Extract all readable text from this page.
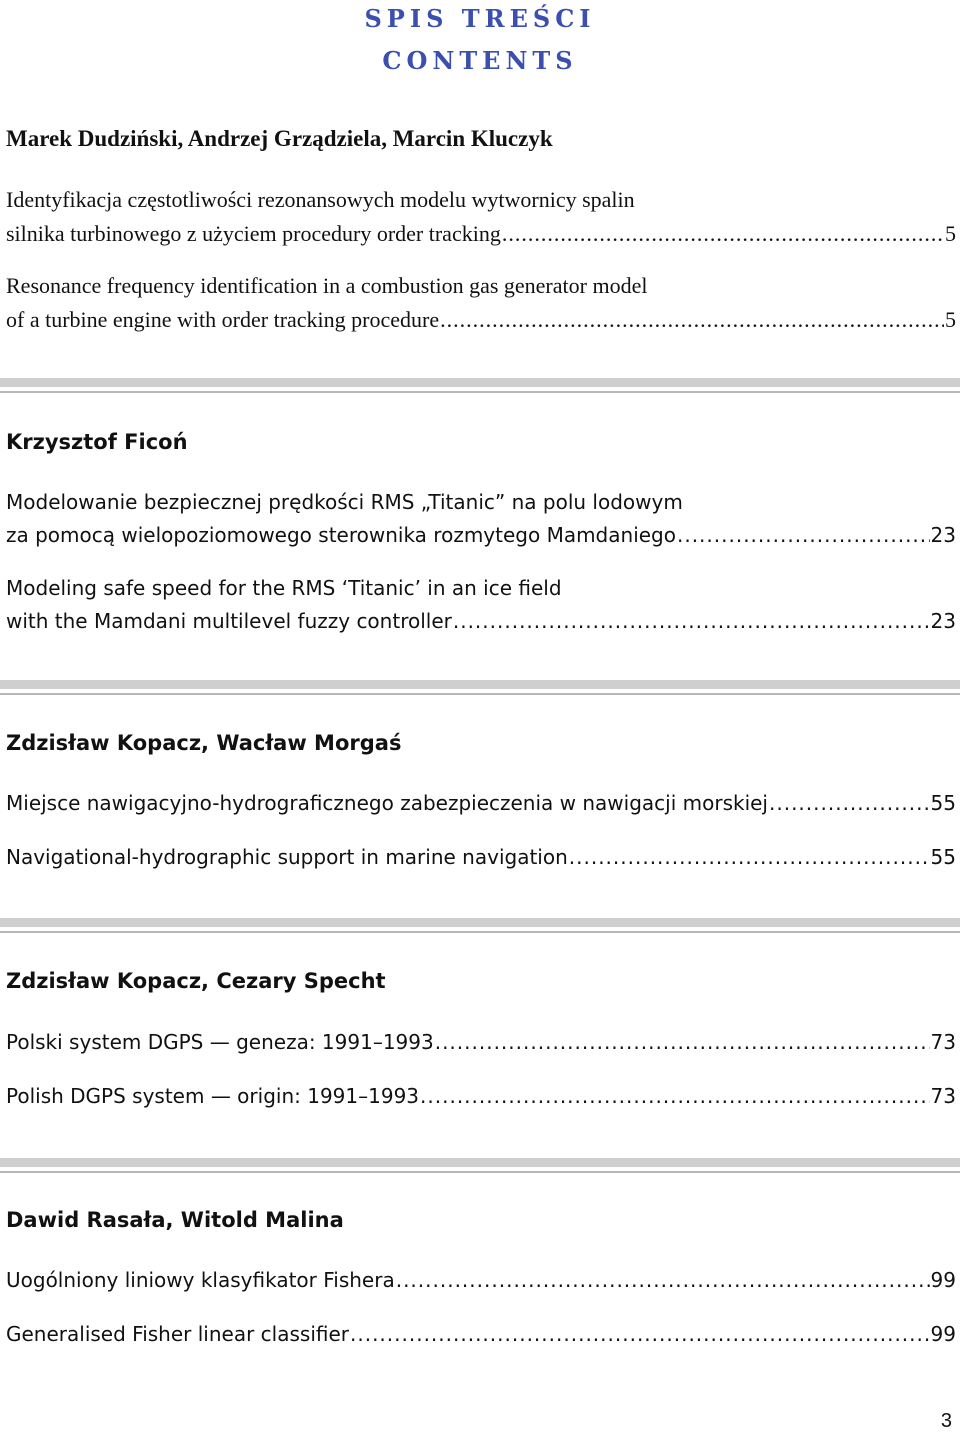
SPIS TREŚCI
CONTENTS
Marek Dudziński, Andrzej Grządziela, Marcin Kluczyk
Identyfikacja częstotliwości rezonansowych modelu wytwornicy spalin
silnika turbinowego z użyciem procedury order tracking .....	5
Resonance frequency identification in a combustion gas generator model
of a turbine engine with order tracking procedure .....	5
Krzysztof Ficoń
Modelowanie bezpiecznej prędkości RMS „Titanic” na polu lodowym
za pomocą wielopoziomowego sterownika rozmytego Mamdaniego .....	23
Modeling safe speed for the RMS ‘Titanic’ in an ice field
with the Mamdani multilevel fuzzy controller .....	23
Zdzisław Kopacz, Wacław Morgaś
Miejsce nawigacyjno-hydrograficznego zabezpieczenia w nawigacji morskiej .....	55
Navigational-hydrographic support in marine navigation .....	55
Zdzisław Kopacz, Cezary Specht
Polski system DGPS — geneza: 1991–1993 .....	73
Polish DGPS system — origin: 1991–1993 .....	73
Dawid Rasała, Witold Malina
Uogólniony liniowy klasyfikator Fishera .....	99
Generalised Fisher linear classifier .....	99
3
